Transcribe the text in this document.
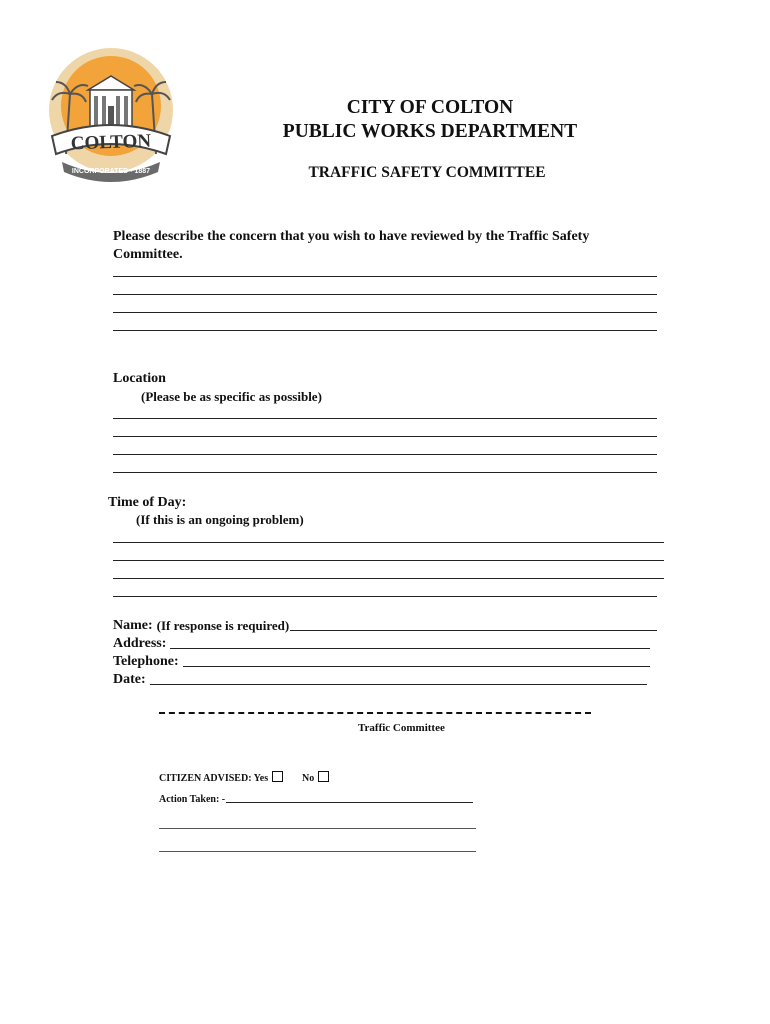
COLTON
INCORPORATED • 1887
CITY OF COLTON
PUBLIC WORKS DEPARTMENT
TRAFFIC SAFETY COMMITTEE
Please describe the concern that you wish to have reviewed by the Traffic Safety
Committee.
Location
(Please be as specific as possible)
Time of Day:
(If this is an ongoing problem)
Name: (If response is required)
Address:
Telephone:
Date:
Traffic Committee
CITIZEN ADVISED: Yes	No
Action Taken: -
